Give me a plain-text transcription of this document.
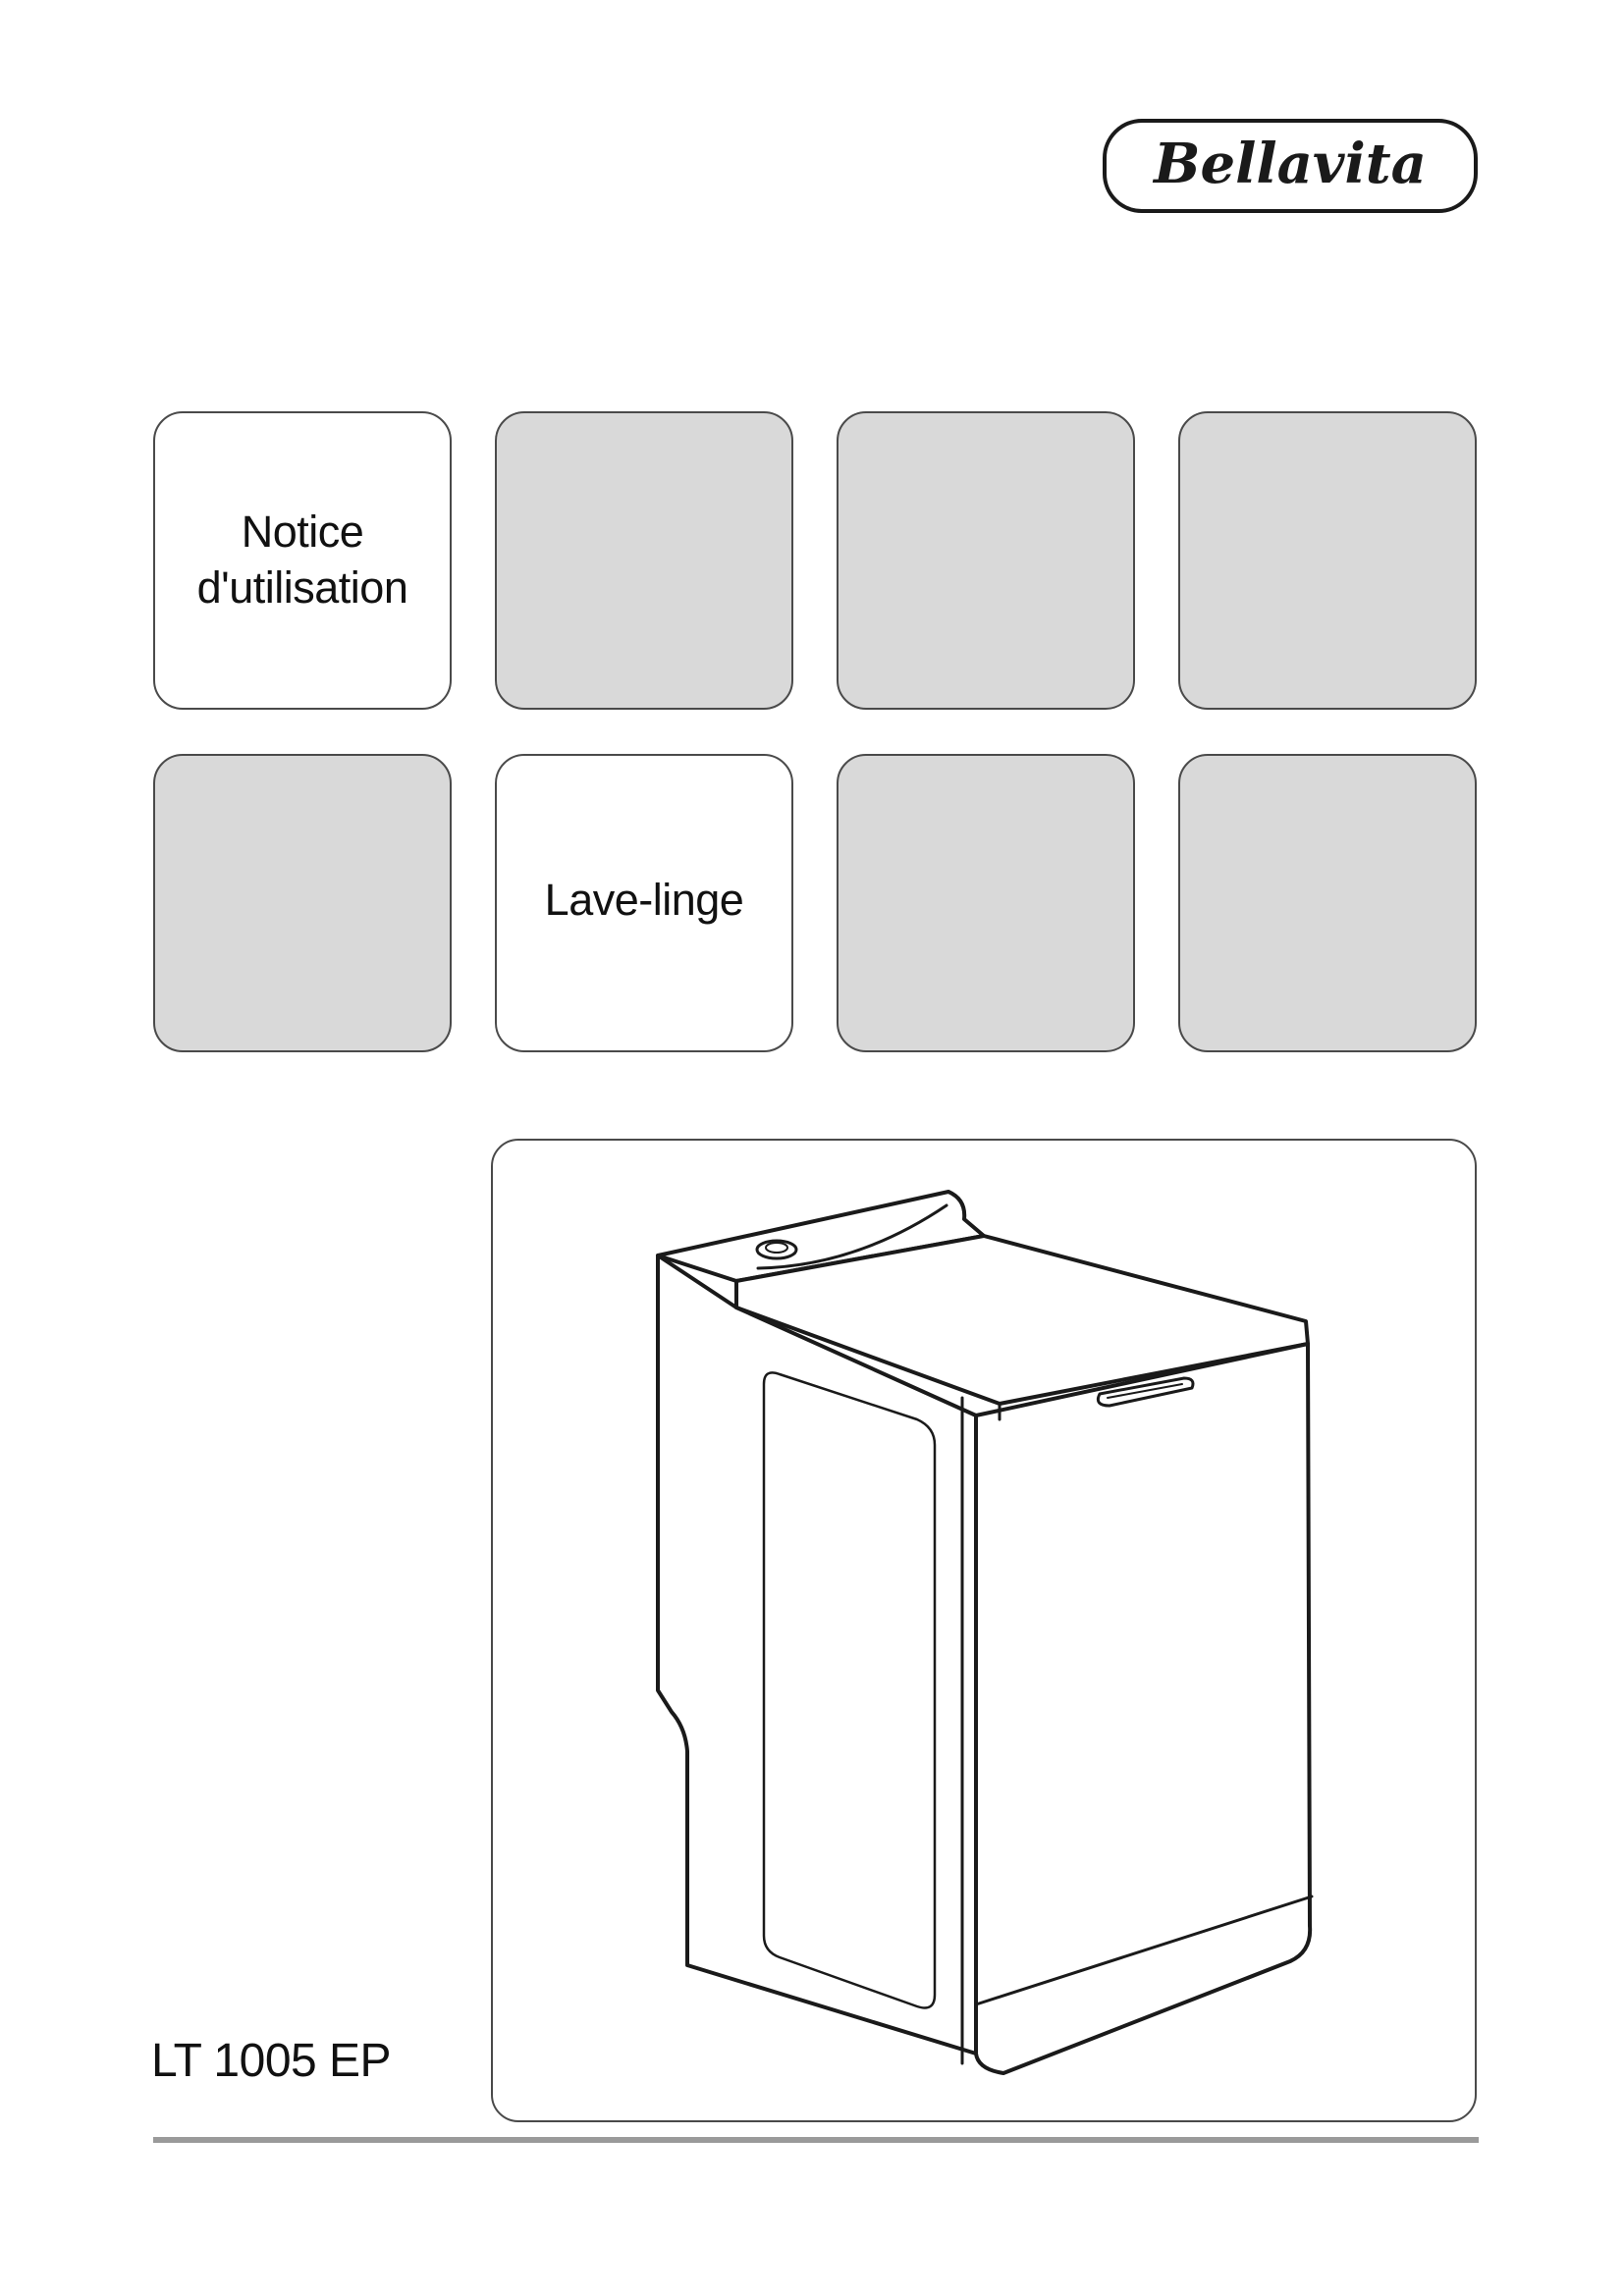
Bellavita
Notice
d'utilisation
Lave-linge
LT 1005 EP
